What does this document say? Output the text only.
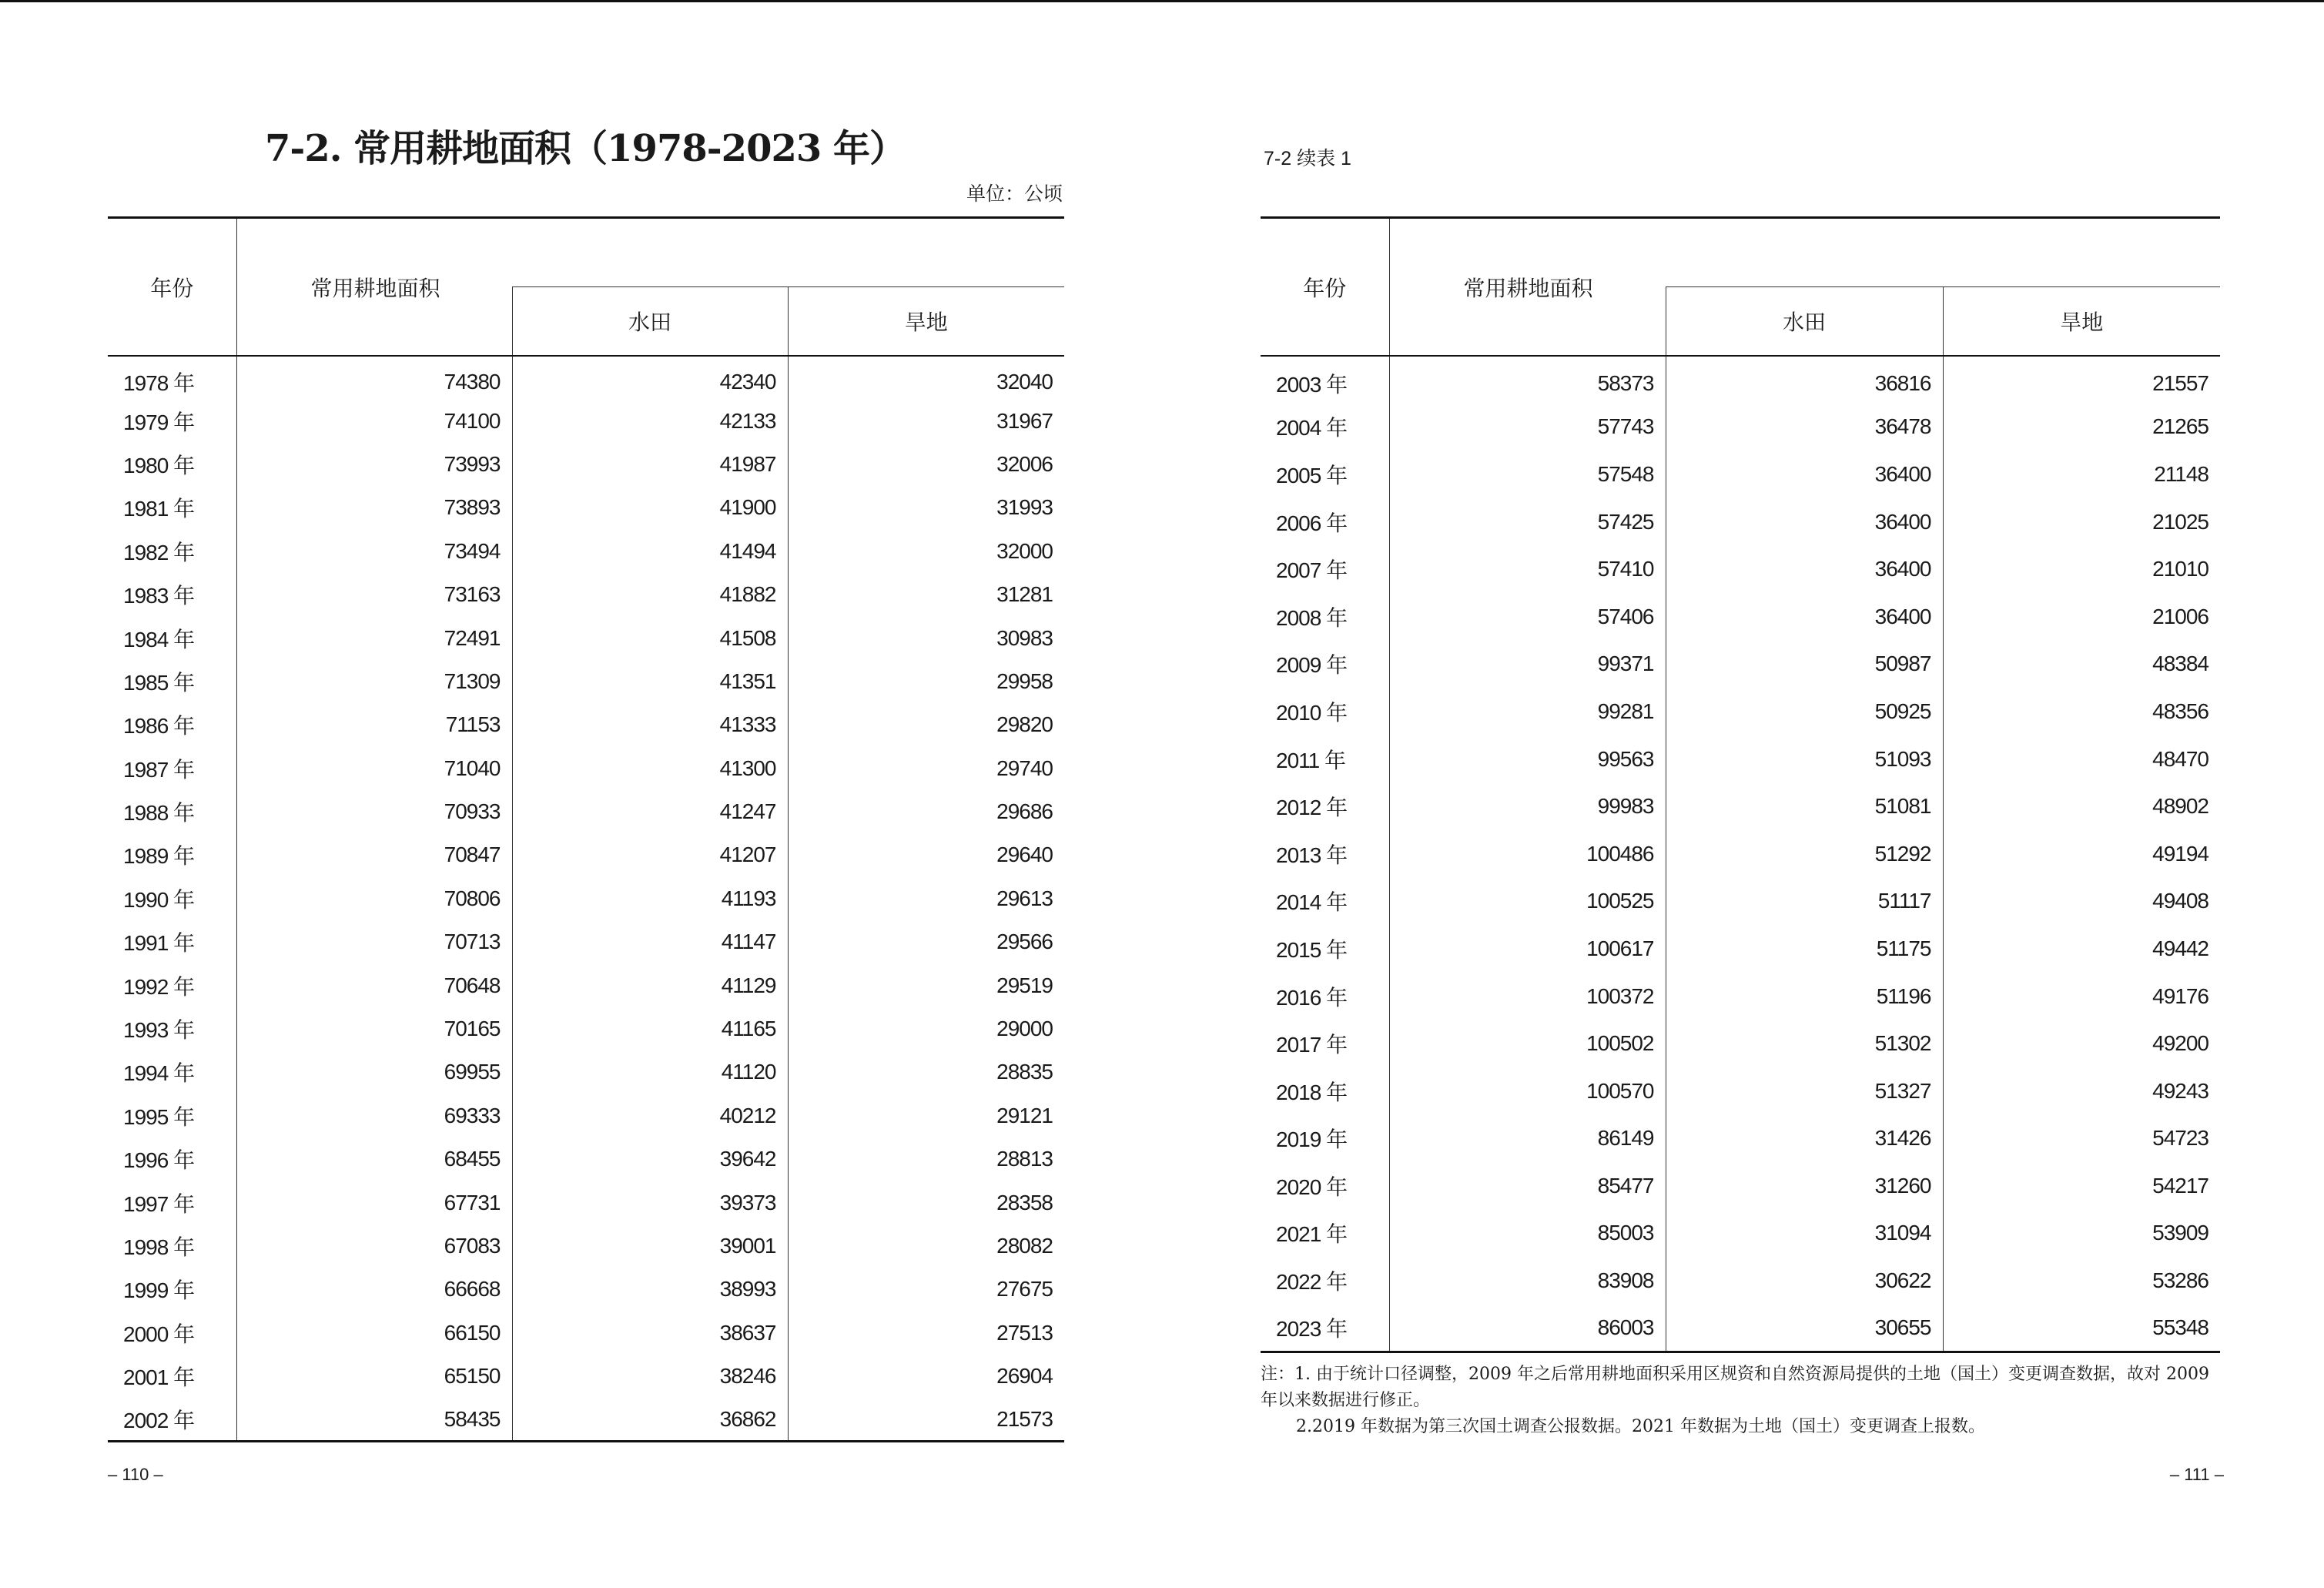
7-2. 常用耕地面积（1978-2023 年）
单位：公顷
年份	常用耕地面积		
		水田	旱地
1978 年	74380	42340	32040
1979 年	74100	42133	31967
1980 年	73993	41987	32006
1981 年	73893	41900	31993
1982 年	73494	41494	32000
1983 年	73163	41882	31281
1984 年	72491	41508	30983
1985 年	71309	41351	29958
1986 年	71153	41333	29820
1987 年	71040	41300	29740
1988 年	70933	41247	29686
1989 年	70847	41207	29640
1990 年	70806	41193	29613
1991 年	70713	41147	29566
1992 年	70648	41129	29519
1993 年	70165	41165	29000
1994 年	69955	41120	28835
1995 年	69333	40212	29121
1996 年	68455	39642	28813
1997 年	67731	39373	28358
1998 年	67083	39001	28082
1999 年	66668	38993	27675
2000 年	66150	38637	27513
2001 年	65150	38246	26904
2002 年	58435	36862	21573
– 110 –
7-2 续表 1
年份	常用耕地面积		
		水田	旱地
2003 年	58373	36816	21557
2004 年	57743	36478	21265
2005 年	57548	36400	21148
2006 年	57425	36400	21025
2007 年	57410	36400	21010
2008 年	57406	36400	21006
2009 年	99371	50987	48384
2010 年	99281	50925	48356
2011 年	99563	51093	48470
2012 年	99983	51081	48902
2013 年	100486	51292	49194
2014 年	100525	51117	49408
2015 年	100617	51175	49442
2016 年	100372	51196	49176
2017 年	100502	51302	49200
2018 年	100570	51327	49243
2019 年	86149	31426	54723
2020 年	85477	31260	54217
2021 年	85003	31094	53909
2022 年	83908	30622	53286
2023 年	86003	30655	55348
注：1. 由于统计口径调整，2009 年之后常用耕地面积采用区规资和自然资源局提供的土地（国土）变更调查数据，故对 2009 年以来数据进行修正。
2.2019 年数据为第三次国土调查公报数据。2021 年数据为土地（国土）变更调查上报数。
– 111 –
